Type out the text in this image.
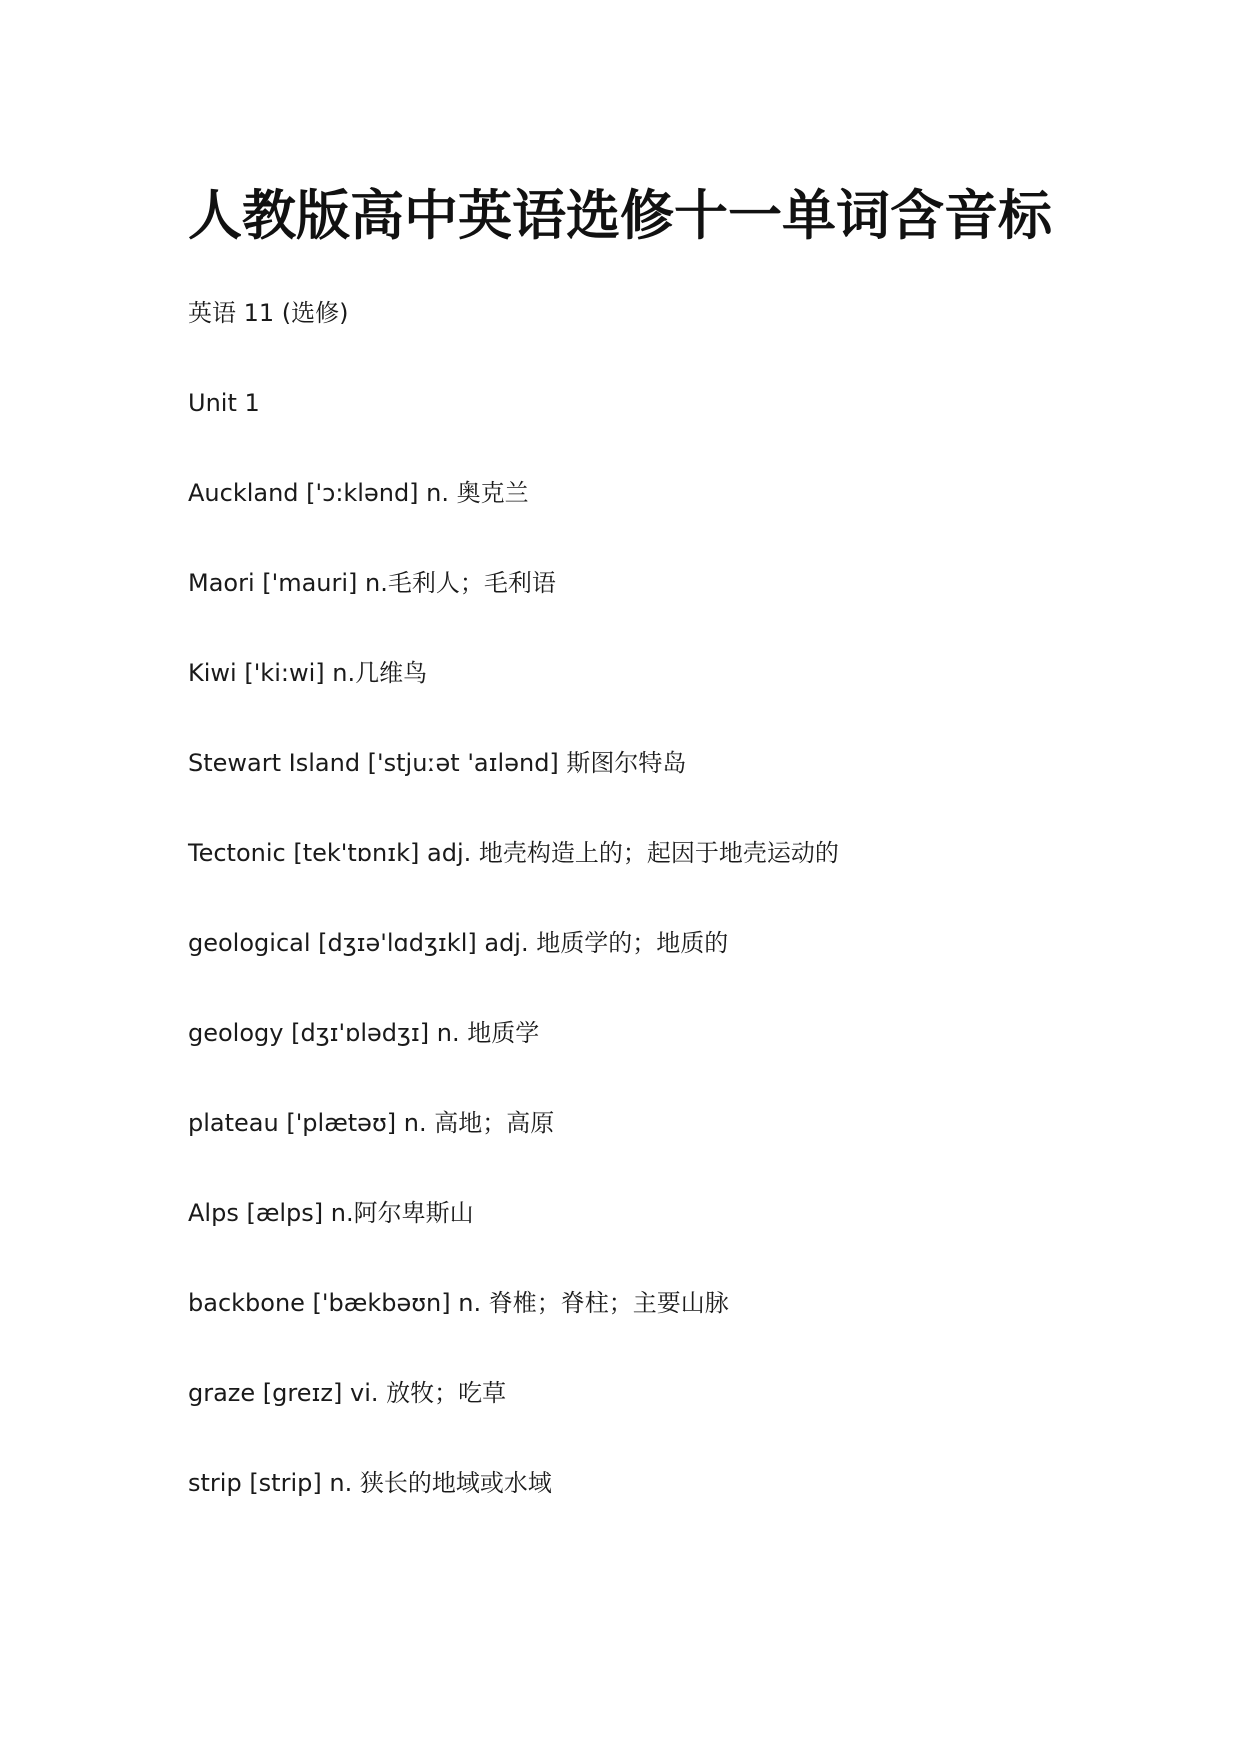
人教版高中英语选修十一单词含音标
英语 11 (选修)
Unit 1
Auckland ['ɔ:klənd] n. 奥克兰
Maori ['mauri] n.毛利人；毛利语
Kiwi ['ki:wi] n.几维鸟
Stewart Island ['stjuːət 'aɪlənd] 斯图尔特岛
Tectonic [tek'tɒnɪk] adj. 地壳构造上的；起因于地壳运动的
geological [dʒɪə'lɑdʒɪkl] adj. 地质学的；地质的
geology [dʒɪ'ɒlədʒɪ] n. 地质学
plateau ['plætəʊ] n. 高地；高原
Alps [ælps] n.阿尔卑斯山
backbone ['bækbəʊn] n. 脊椎；脊柱；主要山脉
graze [greɪz] vi. 放牧；吃草
strip [strip] n. 狭长的地域或水域
